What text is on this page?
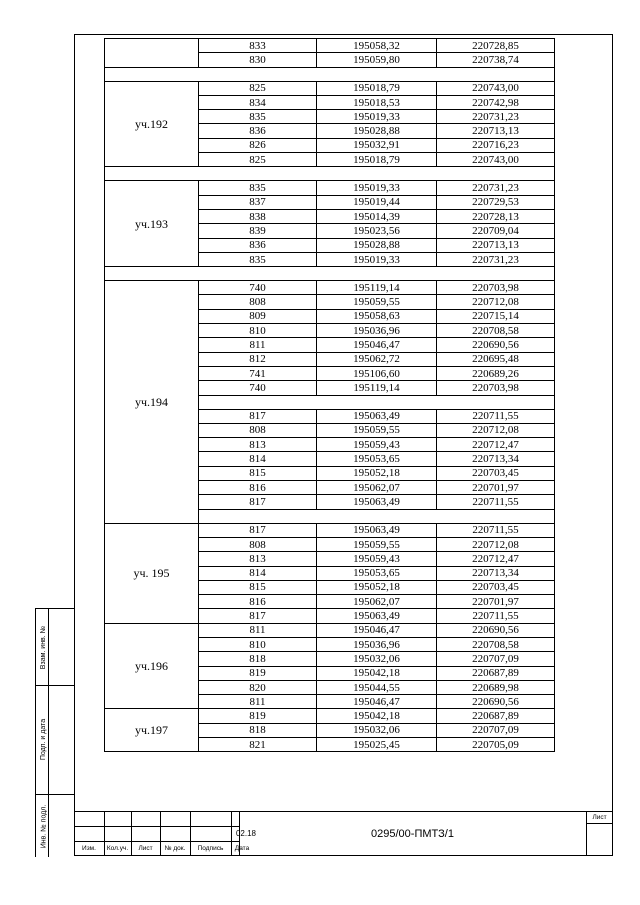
	833	195058,32	220728,85
	830	195059,80	220738,74

уч.192	825	195018,79	220743,00
	834	195018,53	220742,98
	835	195019,33	220731,23
	836	195028,88	220713,13
	826	195032,91	220716,23
	825	195018,79	220743,00

уч.193	835	195019,33	220731,23
	837	195019,44	220729,53
	838	195014,39	220728,13
	839	195023,56	220709,04
	836	195028,88	220713,13
	835	195019,33	220731,23

уч.194	740	195119,14	220703,98
	808	195059,55	220712,08
	809	195058,63	220715,14
	810	195036,96	220708,58
	811	195046,47	220690,56
	812	195062,72	220695,48
	741	195106,60	220689,26
	740	195119,14	220703,98

	817	195063,49	220711,55
	808	195059,55	220712,08
	813	195059,43	220712,47
	814	195053,65	220713,34
	815	195052,18	220703,45
	816	195062,07	220701,97
	817	195063,49	220711,55

уч. 195	817	195063,49	220711,55
	808	195059,55	220712,08
	813	195059,43	220712,47
	814	195053,65	220713,34
	815	195052,18	220703,45
	816	195062,07	220701,97
	817	195063,49	220711,55
уч.196	811	195046,47	220690,56
	810	195036,96	220708,58
	818	195032,06	220707,09
	819	195042,18	220687,89
	820	195044,55	220689,98
	811	195046,47	220690,56
уч.197	819	195042,18	220687,89
	818	195032,06	220707,09
	821	195025,45	220705,09
Взам. инв. №
Подп. и дата
Инв. № подл.
Изм.	Кол.уч.	Лист	№ док.	Подпись	Дата
02.18	0295/00-ПМТЗ/1
Лист
